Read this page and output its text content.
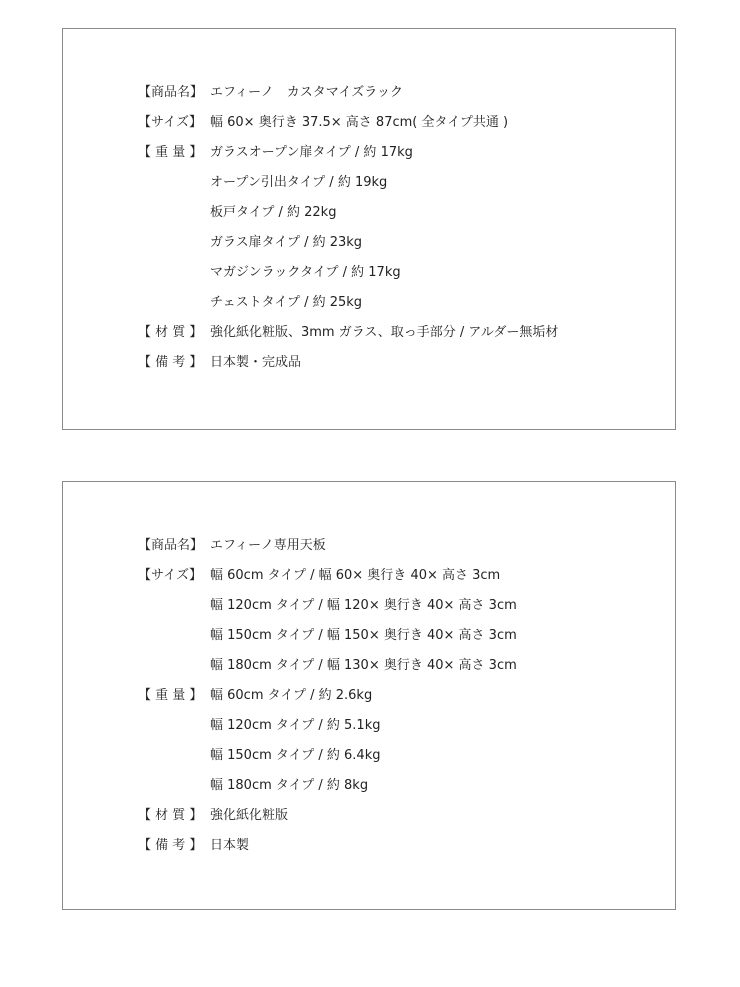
【商品名】 エフィーノ　カスタマイズラック
【サイズ】 幅 60× 奥行き 37.5× 高さ 87cm( 全タイプ共通 )
【 重 量 】 ガラスオープン扉タイプ / 約 17kg
オープン引出タイプ / 約 19kg
板戸タイプ / 約 22kg
ガラス扉タイプ / 約 23kg
マガジンラックタイプ / 約 17kg
チェストタイプ / 約 25kg
【 材 質 】 強化紙化粧版、3mm ガラス、取っ手部分 / アルダー無垢材
【 備 考 】 日本製・完成品
【商品名】 エフィーノ専用天板
【サイズ】 幅 60cm タイプ / 幅 60× 奥行き 40× 高さ 3cm
幅 120cm タイプ / 幅 120× 奥行き 40× 高さ 3cm
幅 150cm タイプ / 幅 150× 奥行き 40× 高さ 3cm
幅 180cm タイプ / 幅 130× 奥行き 40× 高さ 3cm
【 重 量 】 幅 60cm タイプ / 約 2.6kg
幅 120cm タイプ / 約 5.1kg
幅 150cm タイプ / 約 6.4kg
幅 180cm タイプ / 約 8kg
【 材 質 】 強化紙化粧版
【 備 考 】 日本製
